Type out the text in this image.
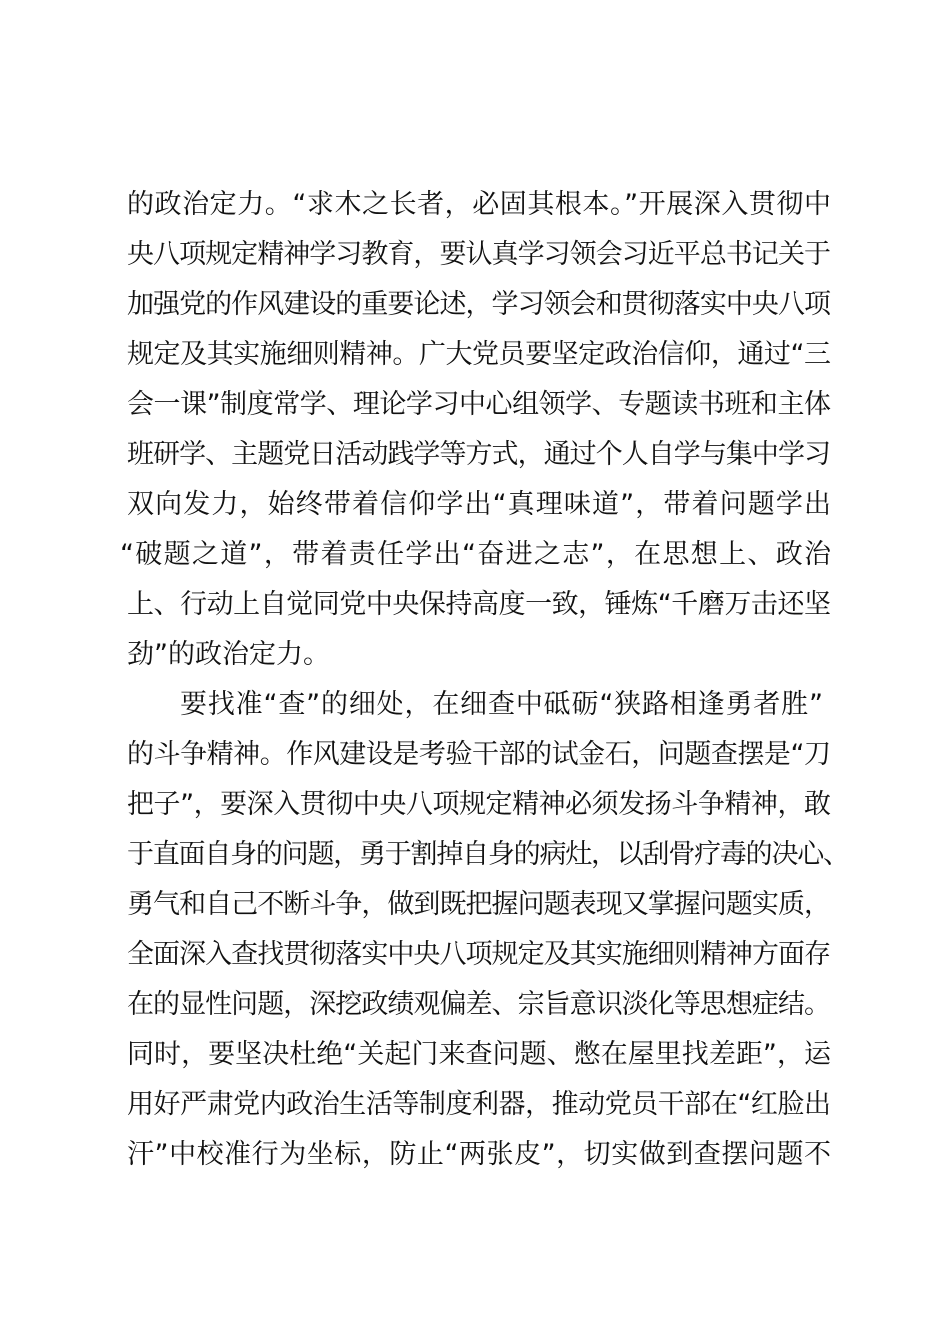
的政治定力。“求木之长者，必固其根本。”开展深入贯彻中
央八项规定精神学习教育，要认真学习领会习近平总书记关于
加强党的作风建设的重要论述，学习领会和贯彻落实中央八项
规定及其实施细则精神。广大党员要坚定政治信仰，通过“三
会一课”制度常学、理论学习中心组领学、专题读书班和主体
班研学、主题党日活动践学等方式，通过个人自学与集中学习
双向发力，始终带着信仰学出“真理味道”，带着问题学出
“破题之道”，带着责任学出“奋进之志”，在思想上、政治
上、行动上自觉同党中央保持高度一致，锤炼“千磨万击还坚
劲”的政治定力。
要找准“查”的细处，在细查中砥砺“狭路相逢勇者胜”
的斗争精神。作风建设是考验干部的试金石，问题查摆是“刀
把子”，要深入贯彻中央八项规定精神必须发扬斗争精神，敢
于直面自身的问题，勇于割掉自身的病灶，以刮骨疗毒的决心、
勇气和自己不断斗争，做到既把握问题表现又掌握问题实质，
全面深入查找贯彻落实中央八项规定及其实施细则精神方面存
在的显性问题，深挖政绩观偏差、宗旨意识淡化等思想症结。
同时，要坚决杜绝“关起门来查问题、憋在屋里找差距”，运
用好严肃党内政治生活等制度利器，推动党员干部在“红脸出
汗”中校准行为坐标，防止“两张皮”，切实做到查摆问题不
